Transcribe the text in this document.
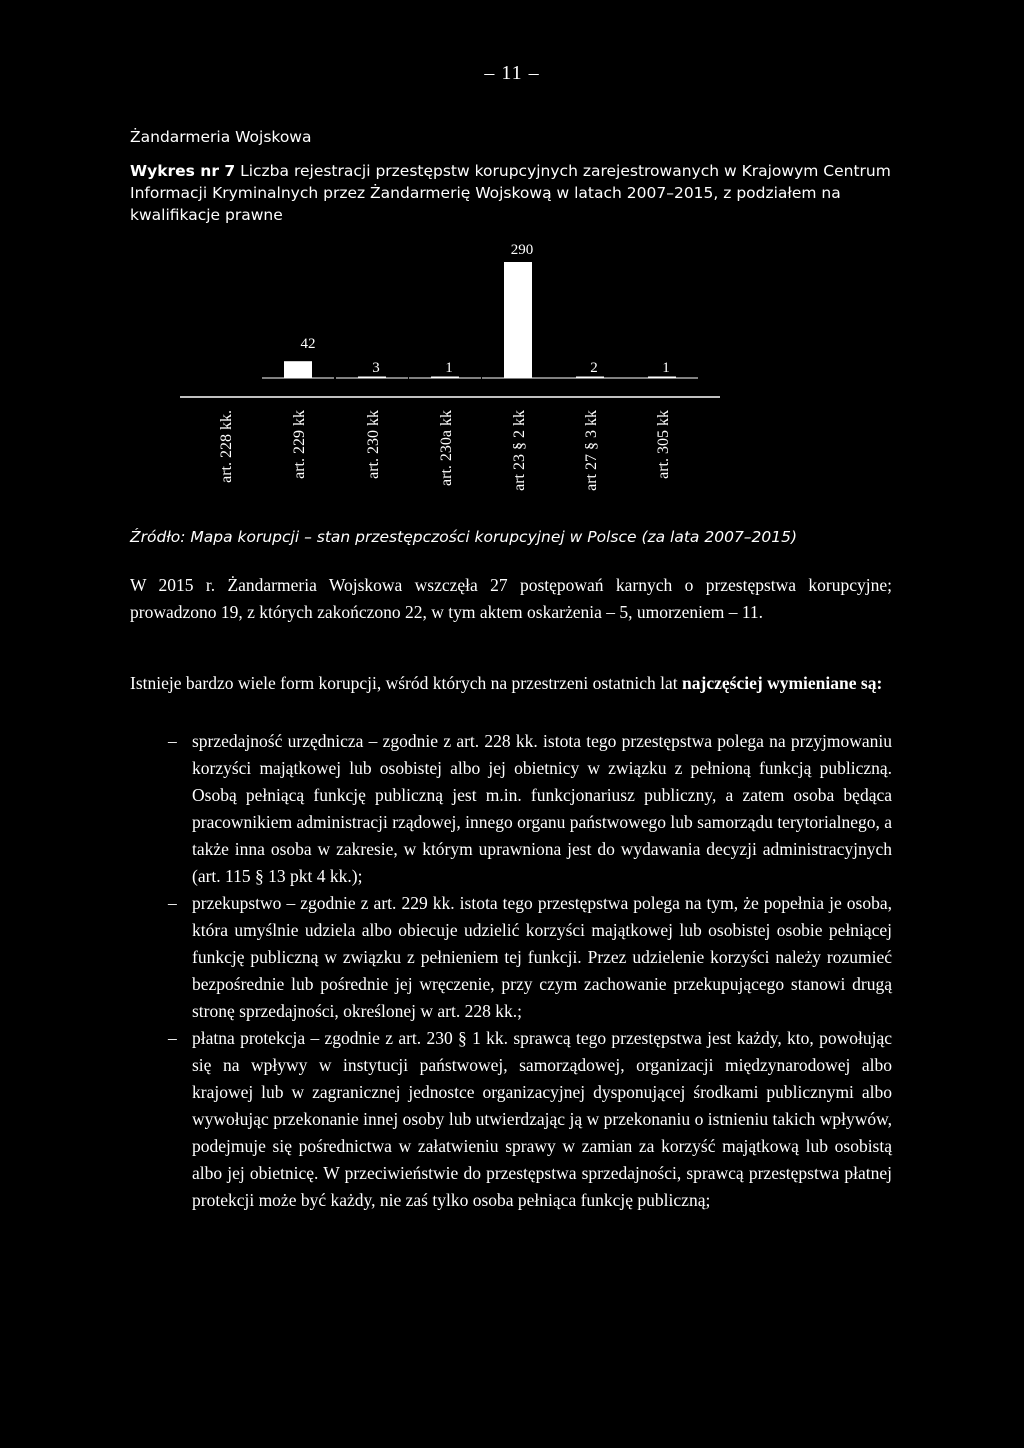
– 11 –
Żandarmeria Wojskowa
Wykres nr 7 Liczba rejestracji przestępstw korupcyjnych zarejestrowanych w Krajowym Centrum Informacji Kryminalnych przez Żandarmerię Wojskową w latach 2007–2015, z podziałem na kwalifikacje prawne
art. 228 kk.
42
art. 229 kk
3
art. 230 kk
1
art. 230a kk
290
art 23 § 2 kk
2
art 27 § 3 kk
1
art. 305 kk
Źródło: Mapa korupcji – stan przestępczości korupcyjnej w Polsce (za lata 2007–2015)
W 2015 r. Żandarmeria Wojskowa wszczęła 27 postępowań karnych o przestępstwa korupcyjne; prowadzono 19, z których zakończono 22, w tym aktem oskarżenia – 5, umorzeniem – 11.
Istnieje bardzo wiele form korupcji, wśród których na przestrzeni ostatnich lat najczęściej wymieniane są:
– sprzedajność urzędnicza – zgodnie z art. 228 kk. istota tego przestępstwa polega na przyjmowaniu korzyści majątkowej lub osobistej albo jej obietnicy w związku z pełnioną funkcją publiczną. Osobą pełniącą funkcję publiczną jest m.in. funkcjonariusz publiczny, a zatem osoba będąca pracownikiem administracji rządowej, innego organu państwowego lub samorządu terytorialnego, a także inna osoba w zakresie, w którym uprawniona jest do wydawania decyzji administracyjnych (art. 115 § 13 pkt 4 kk.);
– przekupstwo – zgodnie z art. 229 kk. istota tego przestępstwa polega na tym, że popełnia je osoba, która umyślnie udziela albo obiecuje udzielić korzyści majątkowej lub osobistej osobie pełniącej funkcję publiczną w związku z pełnieniem tej funkcji. Przez udzielenie korzyści należy rozumieć bezpośrednie lub pośrednie jej wręczenie, przy czym zachowanie przekupującego stanowi drugą stronę sprzedajności, określonej w art. 228 kk.;
– płatna protekcja – zgodnie z art. 230 § 1 kk. sprawcą tego przestępstwa jest każdy, kto, powołując się na wpływy w instytucji państwowej, samorządowej, organizacji międzynarodowej albo krajowej lub w zagranicznej jednostce organizacyjnej dysponującej środkami publicznymi albo wywołując przekonanie innej osoby lub utwierdzając ją w przekonaniu o istnieniu takich wpływów, podejmuje się pośrednictwa w załatwieniu sprawy w zamian za korzyść majątkową lub osobistą albo jej obietnicę. W przeciwieństwie do przestępstwa sprzedajności, sprawcą przestępstwa płatnej protekcji może być każdy, nie zaś tylko osoba pełniąca funkcję publiczną;
